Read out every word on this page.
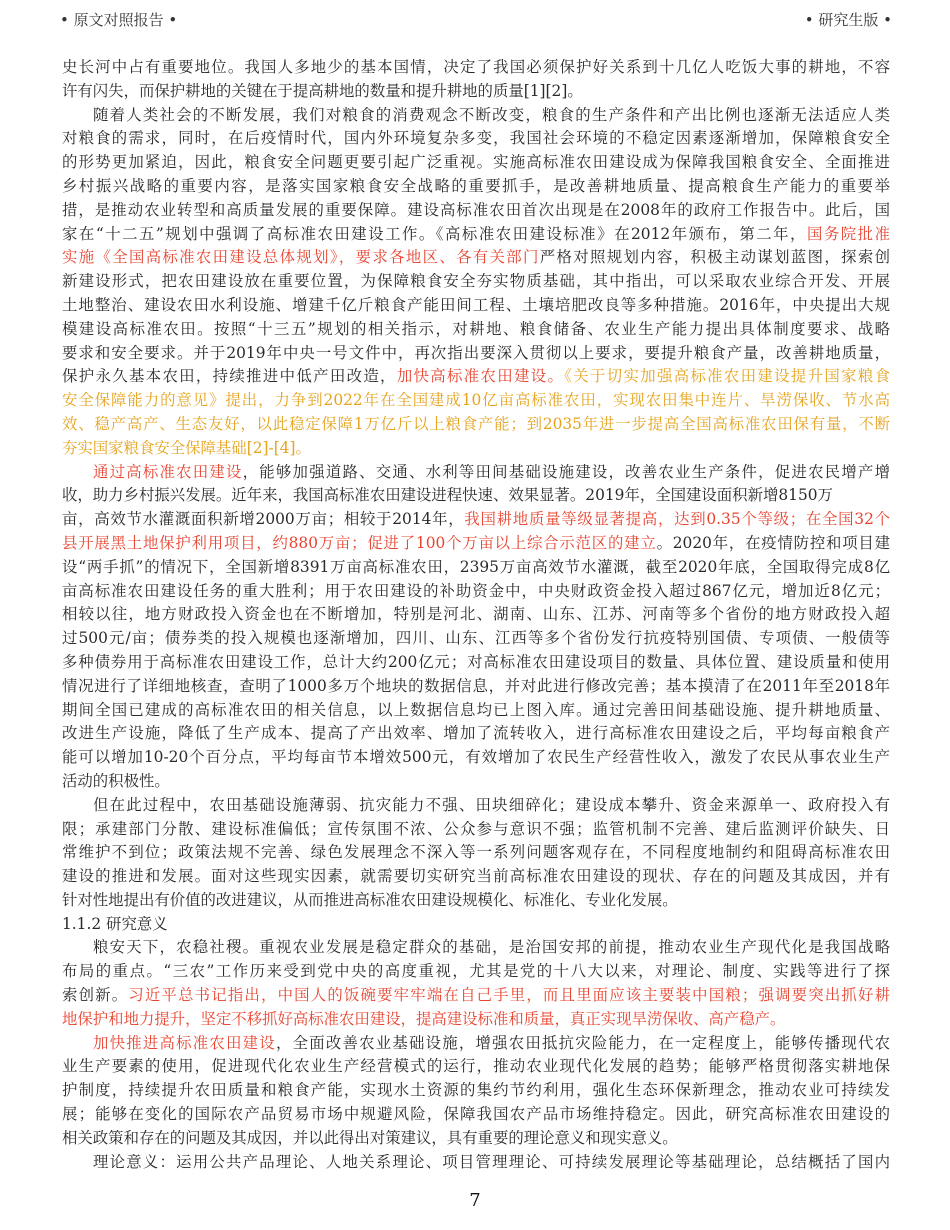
• 原文对照报告 •	• 研究生版 •
史长河中占有重要地位。我国人多地少的基本国情，决定了我国必须保护好关系到十几亿人吃饭大事的耕地，不容
许有闪失，而保护耕地的关键在于提高耕地的数量和提升耕地的质量[1][2]。
随着人类社会的不断发展，我们对粮食的消费观念不断改变，粮食的生产条件和产出比例也逐渐无法适应人类
对粮食的需求，同时，在后疫情时代，国内外环境复杂多变，我国社会环境的不稳定因素逐渐增加，保障粮食安全
的形势更加紧迫，因此，粮食安全问题更要引起广泛重视。实施高标准农田建设成为保障我国粮食安全、全面推进
乡村振兴战略的重要内容，是落实国家粮食安全战略的重要抓手，是改善耕地质量、提高粮食生产能力的重要举
措，是推动农业转型和高质量发展的重要保障。建设高标准农田首次出现是在2008年的政府工作报告中。此后，国
家在“十二五”规划中强调了高标准农田建设工作。《高标准农田建设标准》在2012年颁布，第二年，国务院批准
实施《全国高标准农田建设总体规划》，要求各地区、各有关部门严格对照规划内容，积极主动谋划蓝图，探索创
新建设形式，把农田建设放在重要位置，为保障粮食安全夯实物质基础，其中指出，可以采取农业综合开发、开展
土地整治、建设农田水利设施、增建千亿斤粮食产能田间工程、土壤培肥改良等多种措施。2016年，中央提出大规
模建设高标准农田。按照“十三五”规划的相关指示，对耕地、粮食储备、农业生产能力提出具体制度要求、战略
要求和安全要求。并于2019年中央一号文件中，再次指出要深入贯彻以上要求，要提升粮食产量，改善耕地质量，
保护永久基本农田，持续推进中低产田改造，加快高标准农田建设。《关于切实加强高标准农田建设提升国家粮食
安全保障能力的意见》提出，力争到2022年在全国建成10亿亩高标准农田，实现农田集中连片、旱涝保收、节水高
效、稳产高产、生态友好，以此稳定保障1万亿斤以上粮食产能；到2035年进一步提高全国高标准农田保有量，不断
夯实国家粮食安全保障基础[2]-[4]。
通过高标准农田建设，能够加强道路、交通、水利等田间基础设施建设，改善农业生产条件，促进农民增产增
收，助力乡村振兴发展。近年来，我国高标准农田建设进程快速、效果显著。2019年，全国建设面积新增8150万
亩，高效节水灌溉面积新增2000万亩；相较于2014年，我国耕地质量等级显著提高，达到0.35个等级；在全国32个
县开展黑土地保护利用项目，约880万亩；促进了100个万亩以上综合示范区的建立。2020年，在疫情防控和项目建
设“两手抓”的情况下，全国新增8391万亩高标准农田，2395万亩高效节水灌溉，截至2020年底，全国取得完成8亿
亩高标准农田建设任务的重大胜利；用于农田建设的补助资金中，中央财政资金投入超过867亿元，增加近8亿元；
相较以往，地方财政投入资金也在不断增加，特别是河北、湖南、山东、江苏、河南等多个省份的地方财政投入超
过500元/亩；债券类的投入规模也逐渐增加，四川、山东、江西等多个省份发行抗疫特别国债、专项债、一般债等
多种债券用于高标准农田建设工作，总计大约200亿元；对高标准农田建设项目的数量、具体位置、建设质量和使用
情况进行了详细地核查，查明了1000多万个地块的数据信息，并对此进行修改完善；基本摸清了在2011年至2018年
期间全国已建成的高标准农田的相关信息，以上数据信息均已上图入库。通过完善田间基础设施、提升耕地质量、
改进生产设施，降低了生产成本、提高了产出效率、增加了流转收入，进行高标准农田建设之后，平均每亩粮食产
能可以增加10-20个百分点，平均每亩节本增效500元，有效增加了农民生产经营性收入，激发了农民从事农业生产
活动的积极性。
但在此过程中，农田基础设施薄弱、抗灾能力不强、田块细碎化；建设成本攀升、资金来源单一、政府投入有
限；承建部门分散、建设标准偏低；宣传氛围不浓、公众参与意识不强；监管机制不完善、建后监测评价缺失、日
常维护不到位；政策法规不完善、绿色发展理念不深入等一系列问题客观存在，不同程度地制约和阻碍高标准农田
建设的推进和发展。面对这些现实因素，就需要切实研究当前高标准农田建设的现状、存在的问题及其成因，并有
针对性地提出有价值的改进建议，从而推进高标准农田建设规模化、标准化、专业化发展。
1.1.2 研究意义
粮安天下，农稳社稷。重视农业发展是稳定群众的基础，是治国安邦的前提，推动农业生产现代化是我国战略
布局的重点。“三农”工作历来受到党中央的高度重视，尤其是党的十八大以来，对理论、制度、实践等进行了探
索创新。习近平总书记指出，中国人的饭碗要牢牢端在自己手里，而且里面应该主要装中国粮；强调要突出抓好耕
地保护和地力提升，坚定不移抓好高标准农田建设，提高建设标准和质量，真正实现旱涝保收、高产稳产。
加快推进高标准农田建设，全面改善农业基础设施，增强农田抵抗灾险能力，在一定程度上，能够传播现代农
业生产要素的使用，促进现代化农业生产经营模式的运行，推动农业现代化发展的趋势；能够严格贯彻落实耕地保
护制度，持续提升农田质量和粮食产能，实现水土资源的集约节约利用，强化生态环保新理念，推动农业可持续发
展；能够在变化的国际农产品贸易市场中规避风险，保障我国农产品市场维持稳定。因此，研究高标准农田建设的
相关政策和存在的问题及其成因，并以此得出对策建议，具有重要的理论意义和现实意义。
理论意义：运用公共产品理论、人地关系理论、项目管理理论、可持续发展理论等基础理论，总结概括了国内
7
